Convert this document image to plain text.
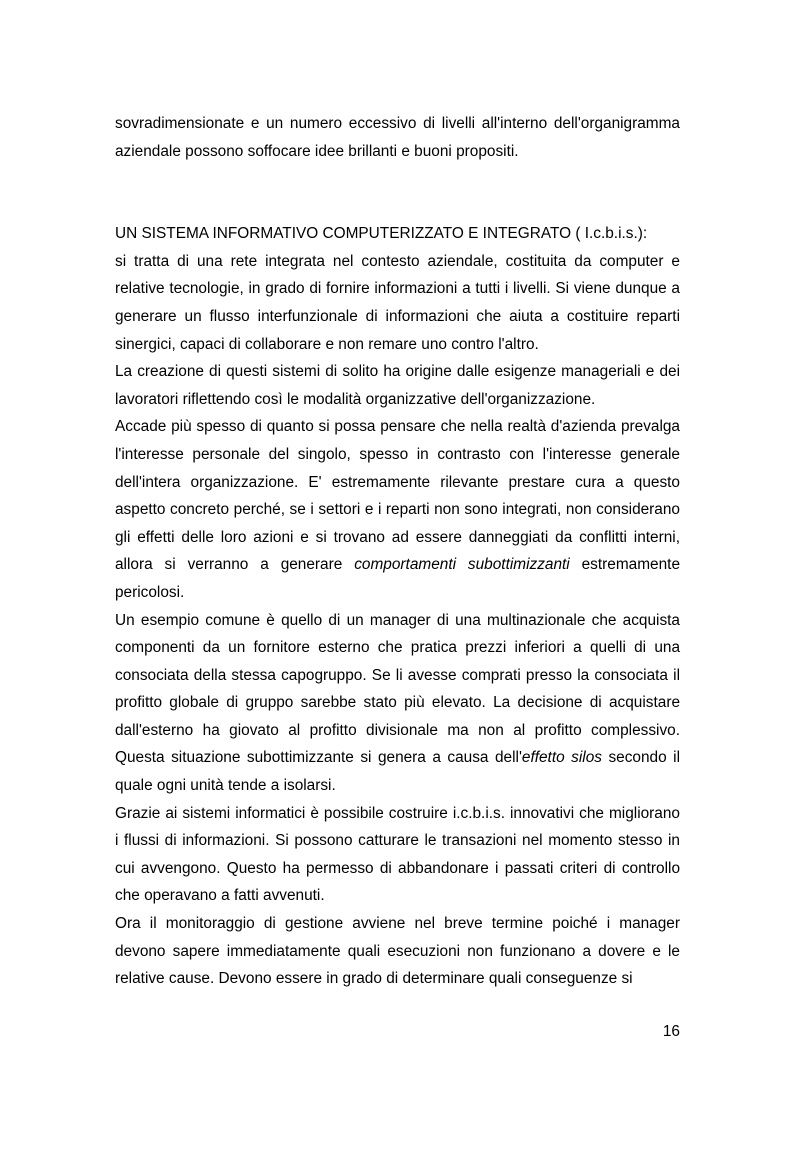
sovradimensionate e un numero eccessivo di livelli all'interno dell'organigramma aziendale possono soffocare idee brillanti e buoni propositi.

UN SISTEMA INFORMATIVO COMPUTERIZZATO E INTEGRATO ( I.c.b.i.s.):

si tratta di una rete integrata nel contesto aziendale, costituita da computer e relative tecnologie, in grado di fornire informazioni a tutti i livelli. Si viene dunque a generare un flusso interfunzionale di informazioni che aiuta a costituire reparti sinergici, capaci di collaborare e non remare uno contro l'altro.

La creazione di questi sistemi di solito ha origine dalle esigenze manageriali e dei lavoratori riflettendo così le modalità organizzative dell'organizzazione.

Accade più spesso di quanto si possa pensare che nella realtà d'azienda prevalga l'interesse personale del singolo, spesso in contrasto con l'interesse generale dell'intera organizzazione. E' estremamente rilevante prestare cura a questo aspetto concreto perché, se i settori e i reparti non sono integrati, non considerano gli effetti delle loro azioni e si trovano ad essere danneggiati da conflitti interni, allora si verranno a generare comportamenti subottimizzanti estremamente pericolosi.

Un esempio comune è quello di un manager di una multinazionale che acquista componenti da un fornitore esterno che pratica prezzi inferiori a quelli di una consociata della stessa capogruppo. Se li avesse comprati presso la consociata il profitto globale di gruppo sarebbe stato più elevato. La decisione di acquistare dall'esterno ha giovato al profitto divisionale ma non al profitto complessivo. Questa situazione subottimizzante si genera a causa dell'effetto silos secondo il quale ogni unità tende a isolarsi.

Grazie ai sistemi informatici è possibile costruire i.c.b.i.s. innovativi che migliorano i flussi di informazioni. Si possono catturare le transazioni nel momento stesso in cui avvengono. Questo ha permesso di abbandonare i passati criteri di controllo che operavano a fatti avvenuti.

Ora il monitoraggio di gestione avviene nel breve termine poiché i manager devono sapere immediatamente quali esecuzioni non funzionano a dovere e le relative cause. Devono essere in grado di determinare quali conseguenze si

16
